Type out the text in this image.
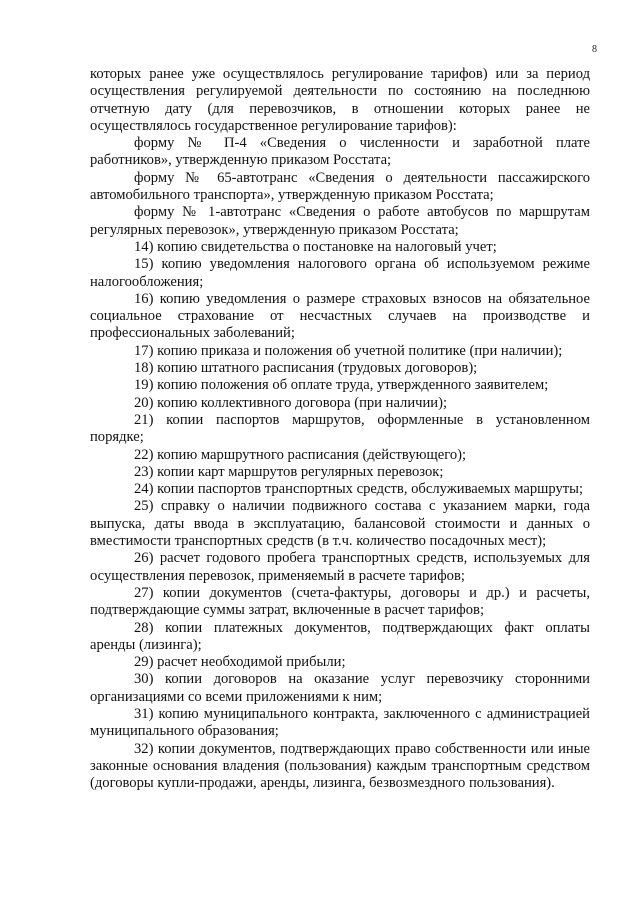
8

которых ранее уже осуществлялось регулирование тарифов) или за период осуществления регулируемой деятельности по состоянию на последнюю отчетную дату (для перевозчиков, в отношении которых ранее не осуществлялось государственное регулирование тарифов):

форму № П-4 «Сведения о численности и заработной плате работников», утвержденную приказом Росстата;

форму № 65-автотранс «Сведения о деятельности пассажирского автомобильного транспорта», утвержденную приказом Росстата;

форму № 1-автотранс «Сведения о работе автобусов по маршрутам регулярных перевозок», утвержденную приказом Росстата;

14) копию свидетельства о постановке на налоговый учет;

15) копию уведомления налогового органа об используемом режиме налогообложения;

16) копию уведомления о размере страховых взносов на обязательное социальное страхование от несчастных случаев на производстве и профессиональных заболеваний;

17) копию приказа и положения об учетной политике (при наличии);

18) копию штатного расписания (трудовых договоров);

19) копию положения об оплате труда, утвержденного заявителем;

20) копию коллективного договора (при наличии);

21) копии паспортов маршрутов, оформленные в установленном порядке;

22) копию маршрутного расписания (действующего);

23) копии карт маршрутов регулярных перевозок;

24) копии паспортов транспортных средств, обслуживаемых маршруты;

25) справку о наличии подвижного состава с указанием марки, года выпуска, даты ввода в эксплуатацию, балансовой стоимости и данных о вместимости транспортных средств (в т.ч. количество посадочных мест);

26) расчет годового пробега транспортных средств, используемых для осуществления перевозок, применяемый в расчете тарифов;

27) копии документов (счета-фактуры, договоры и др.) и расчеты, подтверждающие суммы затрат, включенные в расчет тарифов;

28) копии платежных документов, подтверждающих факт оплаты аренды (лизинга);

29) расчет необходимой прибыли;

30) копии договоров на оказание услуг перевозчику сторонними организациями со всеми приложениями к ним;

31) копию муниципального контракта, заключенного с администрацией муниципального образования;

32) копии документов, подтверждающих право собственности или иные законные основания владения (пользования) каждым транспортным средством (договоры купли-продажи, аренды, лизинга, безвозмездного пользования).
